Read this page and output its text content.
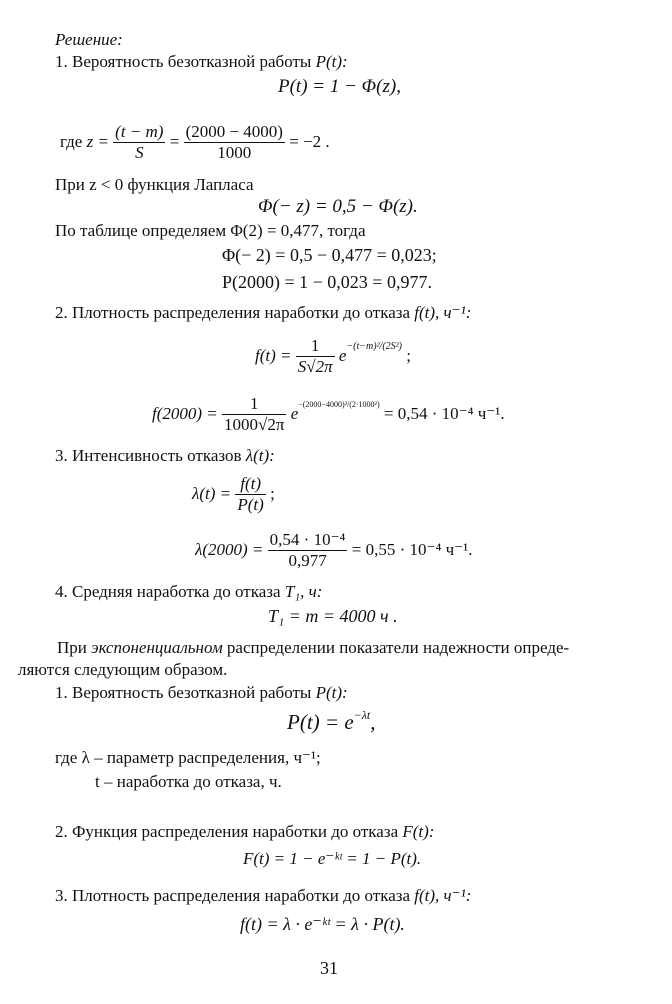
Решение:
1. Вероятность безотказной работы P(t):
P(t) = 1 − Φ(z),
где $z = \frac{(t - m)}{S} = \frac{(2000 - 4000)}{1000} = -2$ .
При z < 0 функция Лапласа
Φ(− z) = 0,5 − Φ(z).
По таблице определяем Φ(2) = 0,477, тогда
Φ(− 2) = 0,5 − 0,477 = 0,023;
P(2000) = 1 − 0,023 = 0,977.
2. Плотность распределения наработки до отказа f(t), ч⁻¹:
$f(t) = \frac{1}{S√2\pi} e^{-(t-m)^2/(2S^2)}$ ;
$f(2000) = \frac{1}{1000√2\pi} e^{-(2000-4000)^2/(2\cdot 1000^2)} = 0,54 \cdot 10^{-4}$ ч⁻¹.
3. Интенсивность отказов λ(t):
$\lambda(t) = \frac{f(t)}{P(t)}$ ;
$\lambda(2000) = \frac{\text{0,54 · 10⁻⁴}}{0,977} = 0,55 \cdot 10^{-4}$ ч⁻¹.
4. Средняя наработка до отказа T₁, ч:
T₁ = m = 4000 ч .
При экспоненциальном распределении показатели надежности опреде-
ляются следующим образом.
1. Вероятность безотказной работы P(t):
$P(t) = e^{-\lambda t}$,
где λ – параметр распределения, ч⁻¹;
t – наработка до отказа, ч.
2. Функция распределения наработки до отказа F(t):
F(t) = 1 − e⁻ᵏᵗ = 1 − P(t).
3. Плотность распределения наработки до отказа f(t), ч⁻¹:
f(t) = λ · e⁻ᵏᵗ = λ · P(t).
31
